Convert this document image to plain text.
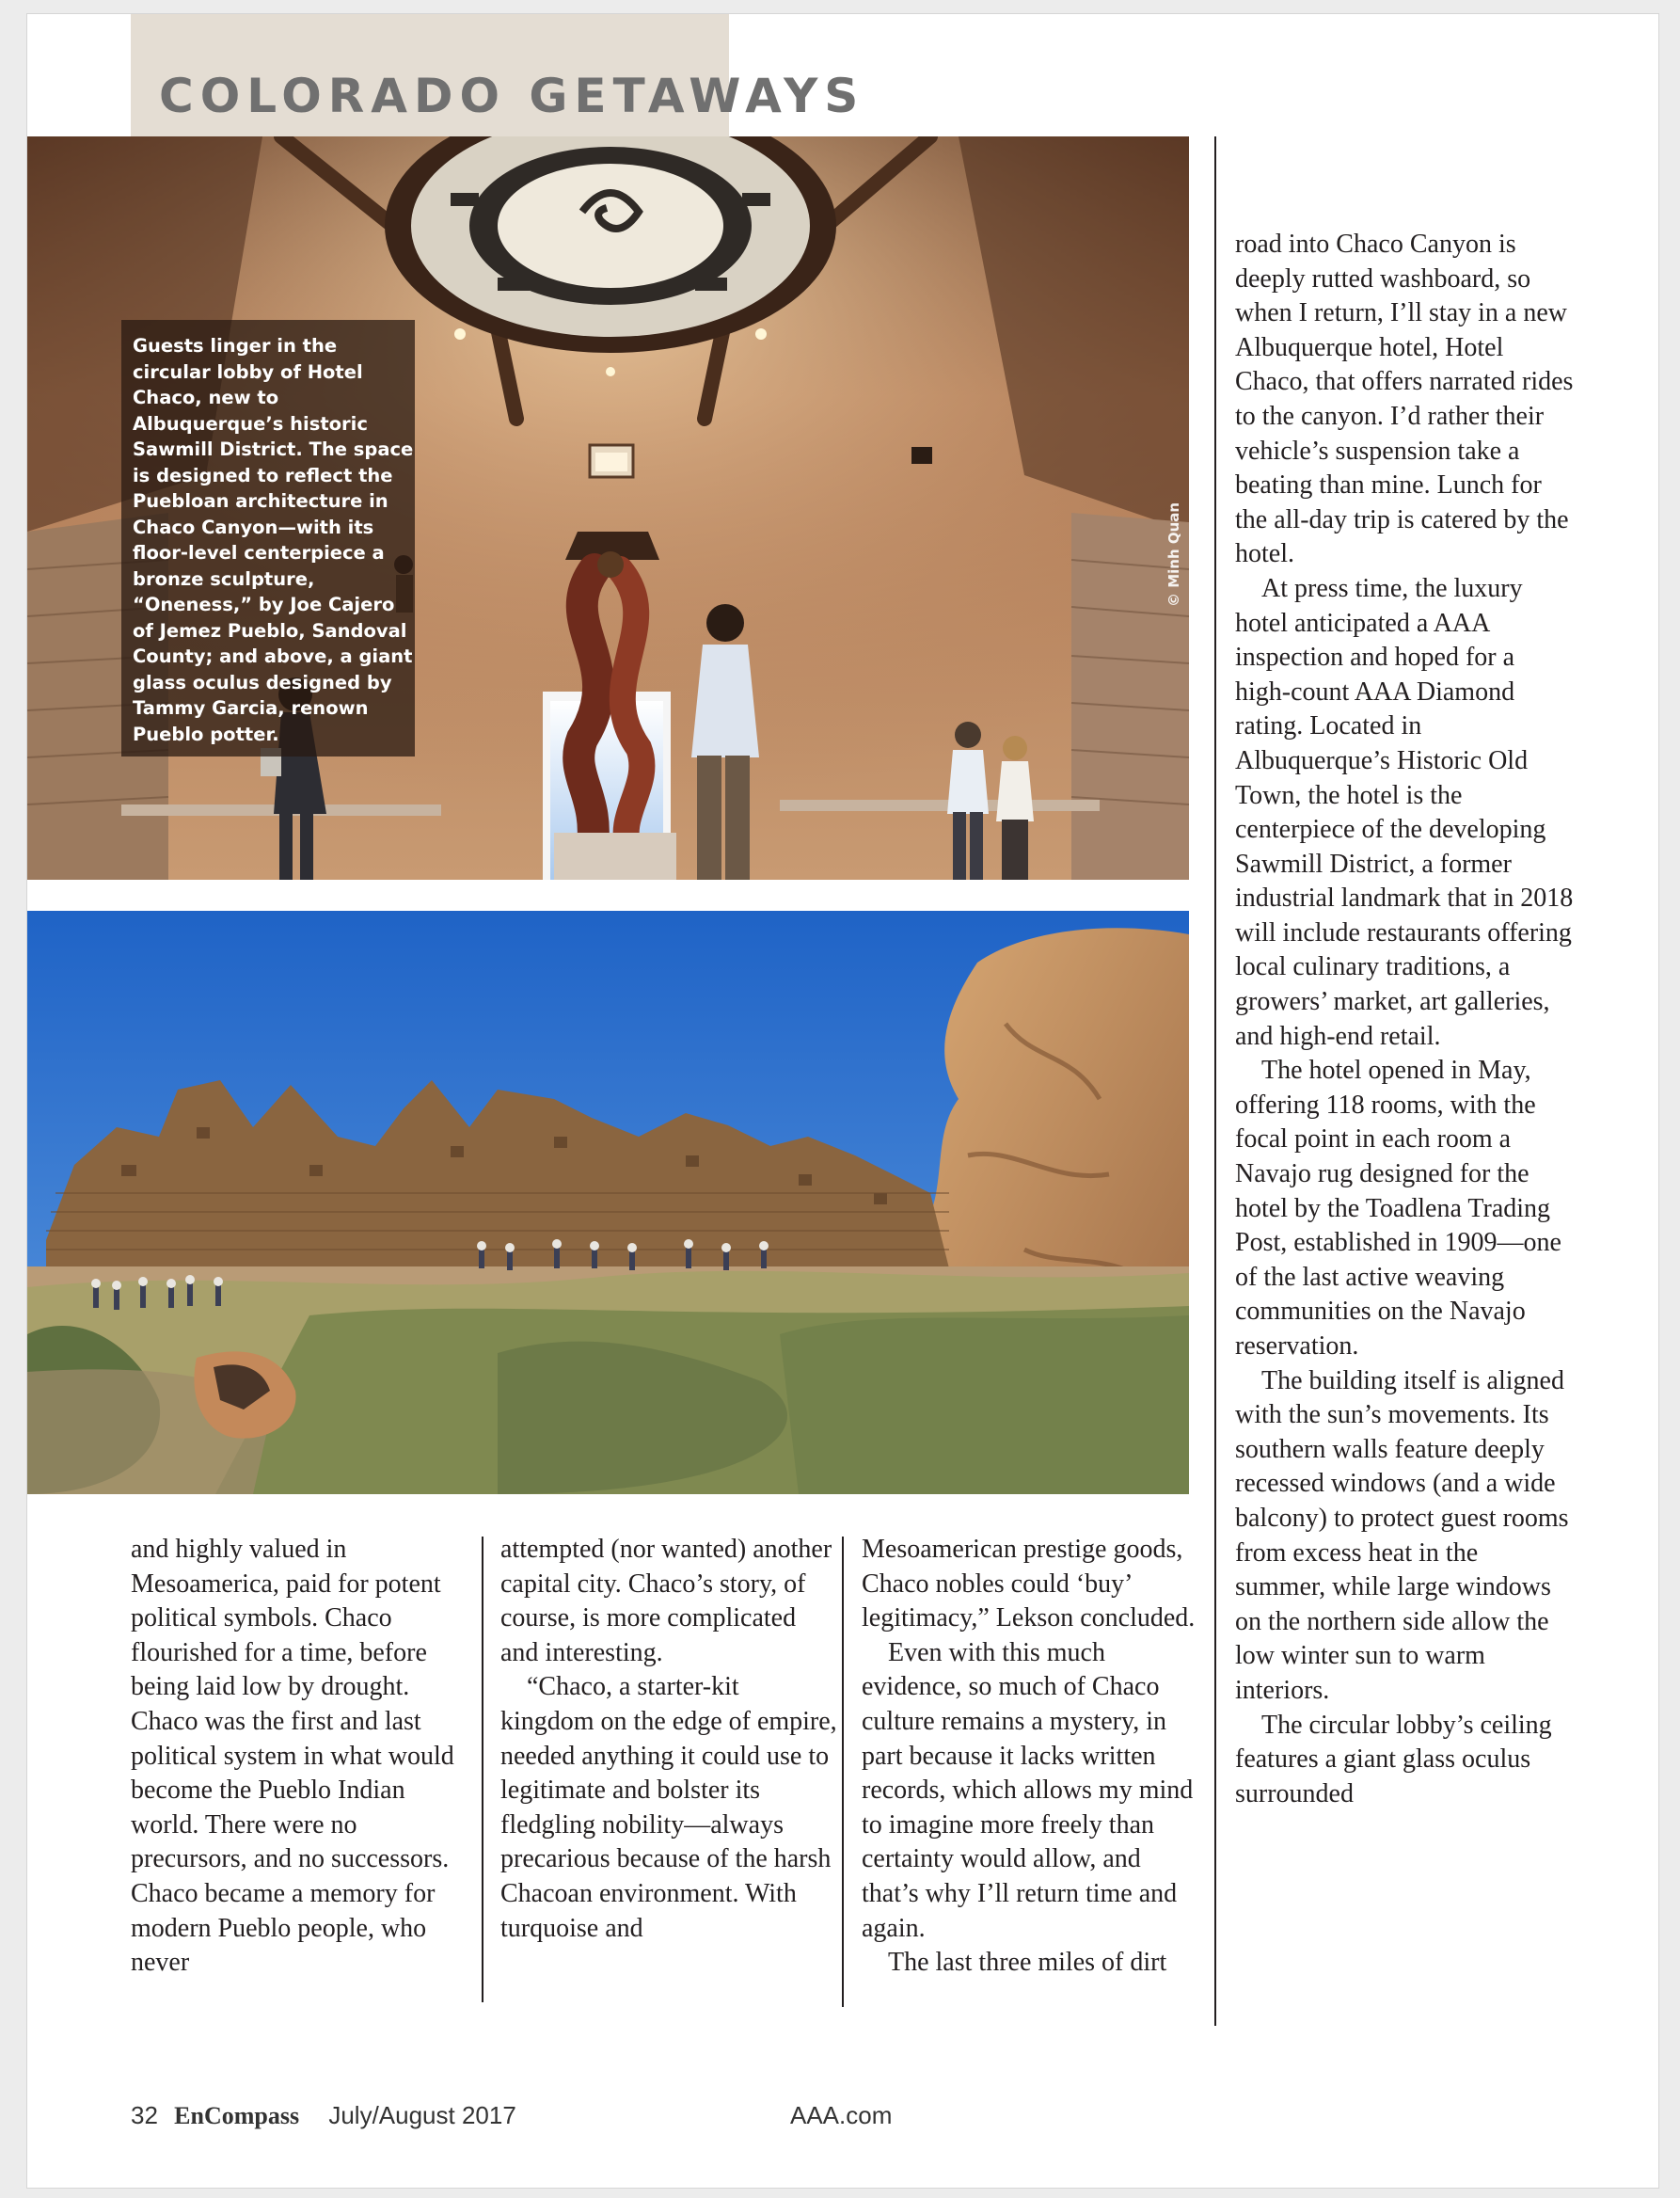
COLORADO GETAWAYS

Guests linger in the circular lobby of Hotel Chaco, new to Albuquerque’s historic Sawmill District. The space is designed to reflect the Puebloan architecture in Chaco Canyon—with its floor-level centerpiece a bronze sculpture, “Oneness,” by Joe Cajero of Jemez Pueblo, Sandoval County; and above, a giant glass oculus designed by Tammy Garcia, renown Pueblo potter.

© Minh Quan

and highly valued in Mesoamerica, paid for potent political symbols. Chaco flourished for a time, before being laid low by drought. Chaco was the first and last political system in what would become the Pueblo Indian world. There were no precursors, and no successors. Chaco became a memory for modern Pueblo people, who never

attempted (nor wanted) another capital city. Chaco’s story, of course, is more complicated and interesting.

“Chaco, a starter-kit kingdom on the edge of empire, needed anything it could use to legitimate and bolster its fledgling nobility—always precarious because of the harsh Chacoan environment. With turquoise and

Mesoamerican prestige goods, Chaco nobles could ‘buy’ legitimacy,” Lekson concluded.

Even with this much evidence, so much of Chaco culture remains a mystery, in part because it lacks written records, which allows my mind to imagine more freely than certainty would allow, and that’s why I’ll return time and again.

The last three miles of dirt

road into Chaco Canyon is deeply rutted washboard, so when I return, I’ll stay in a new Albuquerque hotel, Hotel Chaco, that offers narrated rides to the canyon. I’d rather their vehicle’s suspension take a beating than mine. Lunch for the all-day trip is catered by the hotel.

At press time, the luxury hotel anticipated a AAA inspection and hoped for a high-count AAA Diamond rating. Located in Albuquerque’s Historic Old Town, the hotel is the centerpiece of the developing Sawmill District, a former industrial landmark that in 2018 will include restaurants offering local culinary traditions, a growers’ market, art galleries, and high-end retail.

The hotel opened in May, offering 118 rooms, with the focal point in each room a Navajo rug designed for the hotel by the Toadlena Trading Post, established in 1909—one of the last active weaving communities on the Navajo reservation.

The building itself is aligned with the sun’s movements. Its southern walls feature deeply recessed windows (and a wide balcony) to protect guest rooms from excess heat in the summer, while large windows on the northern side allow the low winter sun to warm interiors.

The circular lobby’s ceiling features a giant glass oculus surrounded

32 EnCompass July/August 2017	AAA.com
